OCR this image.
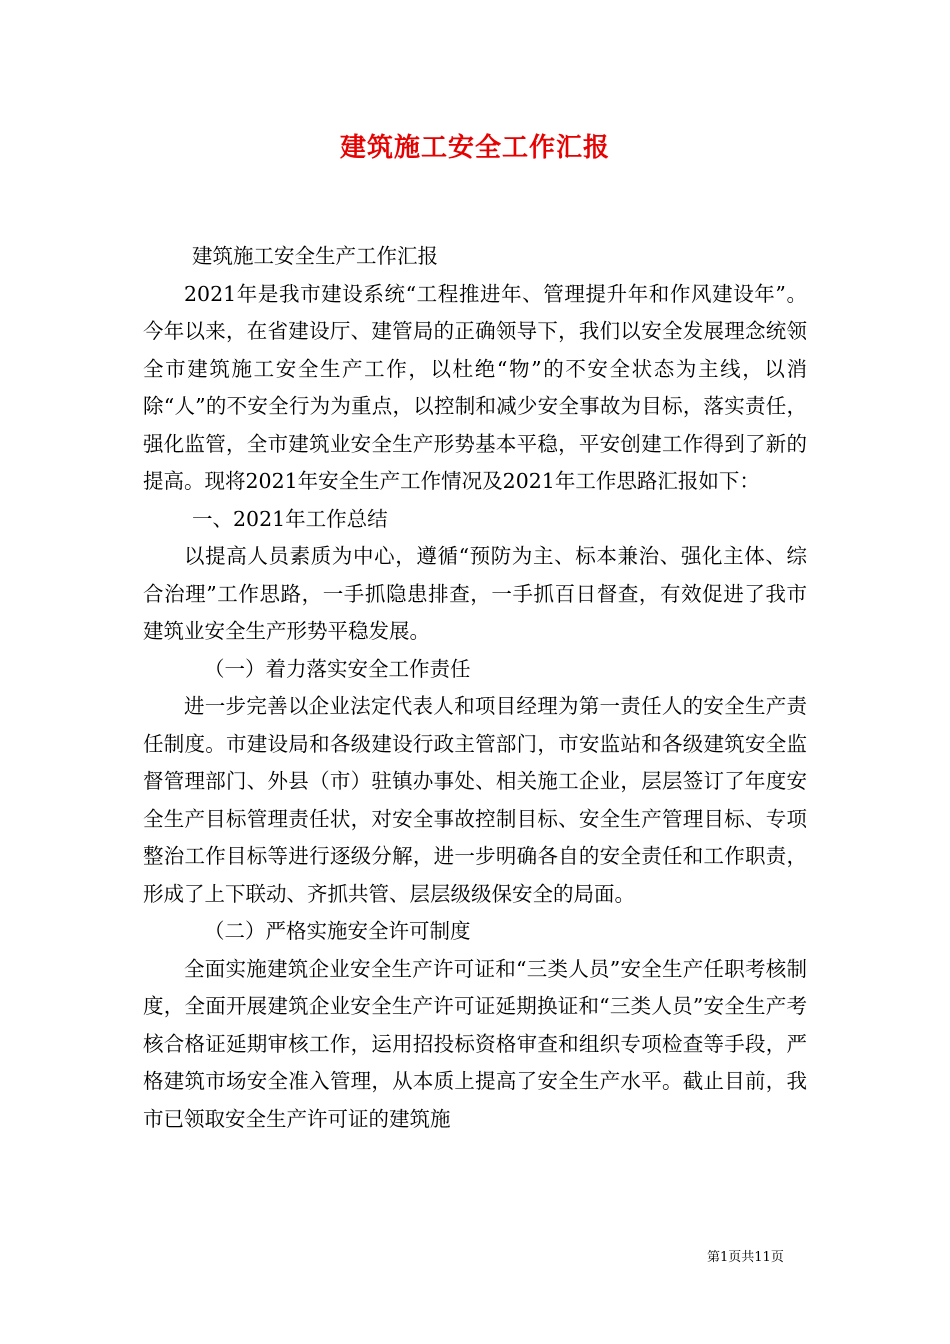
建筑施工安全工作汇报

建筑施工安全生产工作汇报

2021年是我市建设系统“工程推进年、管理提升年和作风建设年”。今年以来，在省建设厅、建管局的正确领导下，我们以安全发展理念统领全市建筑施工安全生产工作，以杜绝“物”的不安全状态为主线，以消除“人”的不安全行为为重点，以控制和减少安全事故为目标，落实责任，强化监管，全市建筑业安全生产形势基本平稳，平安创建工作得到了新的提高。现将2021年安全生产工作情况及2021年工作思路汇报如下：

一、2021年工作总结

以提高人员素质为中心，遵循“预防为主、标本兼治、强化主体、综合治理”工作思路，一手抓隐患排查，一手抓百日督查，有效促进了我市建筑业安全生产形势平稳发展。

（一）着力落实安全工作责任

进一步完善以企业法定代表人和项目经理为第一责任人的安全生产责任制度。市建设局和各级建设行政主管部门，市安监站和各级建筑安全监督管理部门、外县（市）驻镇办事处、相关施工企业，层层签订了年度安全生产目标管理责任状，对安全事故控制目标、安全生产管理目标、专项整治工作目标等进行逐级分解，进一步明确各自的安全责任和工作职责，形成了上下联动、齐抓共管、层层级级保安全的局面。

（二）严格实施安全许可制度

全面实施建筑企业安全生产许可证和“三类人员”安全生产任职考核制度，全面开展建筑企业安全生产许可证延期换证和“三类人员”安全生产考核合格证延期审核工作，运用招投标资格审查和组织专项检查等手段，严格建筑市场安全准入管理，从本质上提高了安全生产水平。截止目前，我市已领取安全生产许可证的建筑施

第1页共11页
